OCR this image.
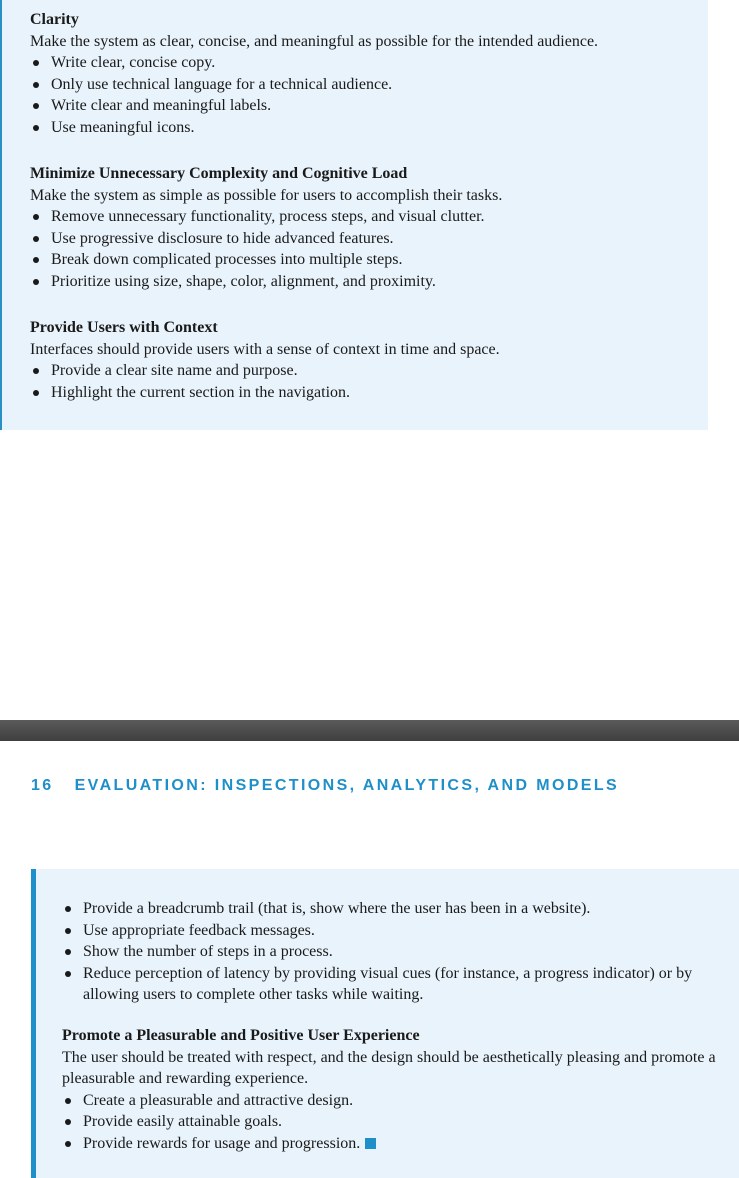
Clarity
Make the system as clear, concise, and meaningful as possible for the intended audience.
Write clear, concise copy.
Only use technical language for a technical audience.
Write clear and meaningful labels.
Use meaningful icons.
Minimize Unnecessary Complexity and Cognitive Load
Make the system as simple as possible for users to accomplish their tasks.
Remove unnecessary functionality, process steps, and visual clutter.
Use progressive disclosure to hide advanced features.
Break down complicated processes into multiple steps.
Prioritize using size, shape, color, alignment, and proximity.
Provide Users with Context
Interfaces should provide users with a sense of context in time and space.
Provide a clear site name and purpose.
Highlight the current section in the navigation.
16 EVALUATION: INSPECTIONS, ANALYTICS, AND MODELS
Provide a breadcrumb trail (that is, show where the user has been in a website).
Use appropriate feedback messages.
Show the number of steps in a process.
Reduce perception of latency by providing visual cues (for instance, a progress indicator) or by allowing users to complete other tasks while waiting.
Promote a Pleasurable and Positive User Experience
The user should be treated with respect, and the design should be aesthetically pleasing and promote a pleasurable and rewarding experience.
Create a pleasurable and attractive design.
Provide easily attainable goals.
Provide rewards for usage and progression.
